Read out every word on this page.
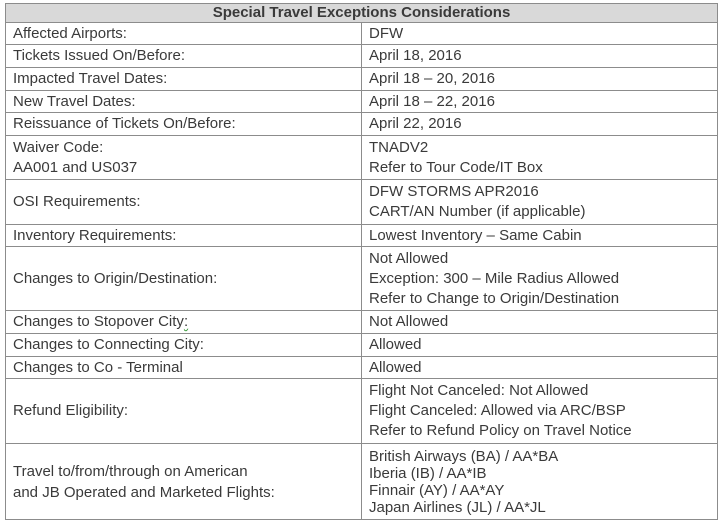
Special Travel Exceptions Considerations	

Affected Airports:	DFW

Tickets Issued On/Before:	April 18, 2016

Impacted Travel Dates:	April 18 – 20, 2016

New Travel Dates:	April 18 – 22, 2016

Reissuance of Tickets On/Before:	April 22, 2016

Waiver Code:
AA001 and US037	TNADV2
Refer to Tour Code/IT Box

OSI Requirements:	DFW STORMS APR2016
CART/AN Number (if applicable)

Inventory Requirements:	Lowest Inventory – Same Cabin

Changes to Origin/Destination:	Not Allowed
Exception: 300 – Mile Radius Allowed
Refer to Change to Origin/Destination

Changes to Stopover City:	Not Allowed

Changes to Connecting City:	Allowed

Changes to Co - Terminal	Allowed

Refund Eligibility:	Flight Not Canceled: Not Allowed
Flight Canceled: Allowed via ARC/BSP
Refer to Refund Policy on Travel Notice

Travel to/from/through on American
and JB Operated and Marketed Flights:	British Airways (BA) / AA*BA
Iberia (IB) / AA*IB
Finnair (AY) / AA*AY
Japan Airlines (JL) / AA*JL
